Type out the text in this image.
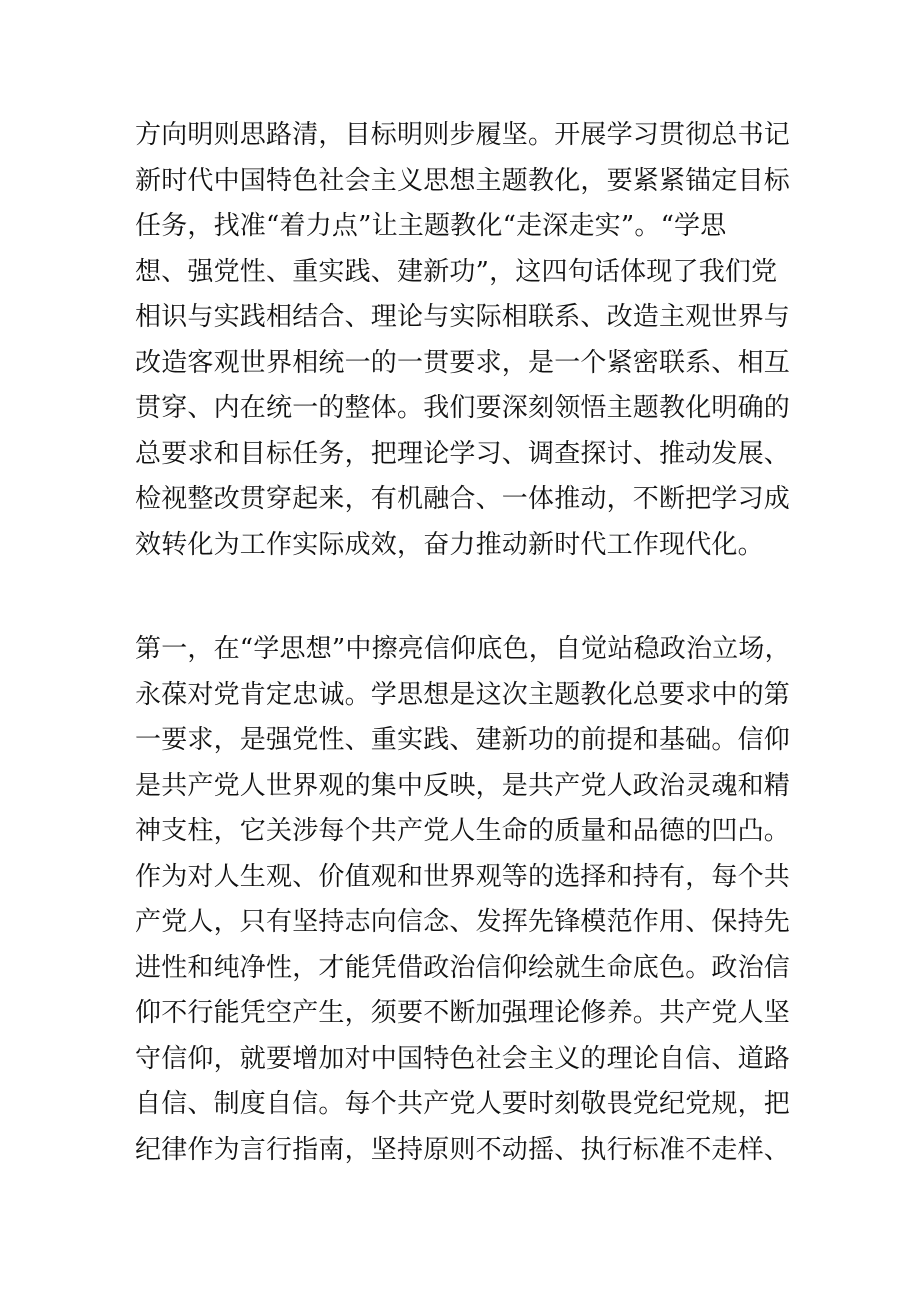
方向明则思路清，目标明则步履坚。开展学习贯彻总书记
新时代中国特色社会主义思想主题教化，要紧紧锚定目标
任务，找准“着力点”让主题教化“走深走实”。“学思
想、强党性、重实践、建新功”，这四句话体现了我们党
相识与实践相结合、理论与实际相联系、改造主观世界与
改造客观世界相统一的一贯要求，是一个紧密联系、相互
贯穿、内在统一的整体。我们要深刻领悟主题教化明确的
总要求和目标任务，把理论学习、调查探讨、推动发展、
检视整改贯穿起来，有机融合、一体推动，不断把学习成
效转化为工作实际成效，奋力推动新时代工作现代化。
第一，在“学思想”中擦亮信仰底色，自觉站稳政治立场，
永葆对党肯定忠诚。学思想是这次主题教化总要求中的第
一要求，是强党性、重实践、建新功的前提和基础。信仰
是共产党人世界观的集中反映，是共产党人政治灵魂和精
神支柱，它关涉每个共产党人生命的质量和品德的凹凸。
作为对人生观、价值观和世界观等的选择和持有，每个共
产党人，只有坚持志向信念、发挥先锋模范作用、保持先
进性和纯净性，才能凭借政治信仰绘就生命底色。政治信
仰不行能凭空产生，须要不断加强理论修养。共产党人坚
守信仰，就要增加对中国特色社会主义的理论自信、道路
自信、制度自信。每个共产党人要时刻敬畏党纪党规，把
纪律作为言行指南，坚持原则不动摇、执行标准不走样、
